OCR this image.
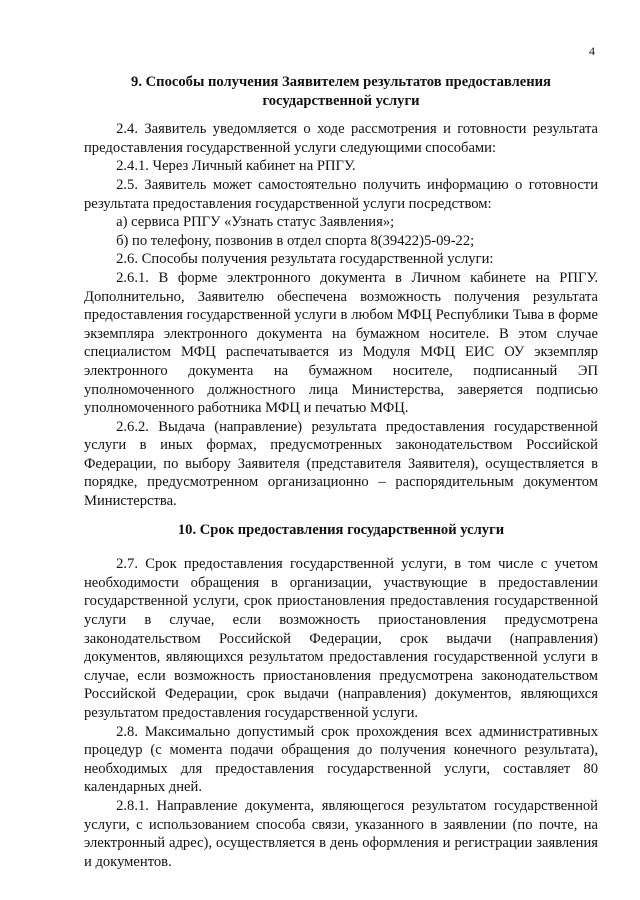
4
9. Способы получения Заявителем результатов предоставления
государственной услуги

2.4. Заявитель уведомляется о ходе рассмотрения и готовности результата предоставления государственной услуги следующими способами:

2.4.1. Через Личный кабинет на РПГУ.

2.5. Заявитель может самостоятельно получить информацию о готовности результата предоставления государственной услуги посредством:

а) сервиса РПГУ «Узнать статус Заявления»;

б) по телефону, позвонив в отдел спорта 8(39422)5-09-22;

2.6. Способы получения результата государственной услуги:

2.6.1. В форме электронного документа в Личном кабинете на РПГУ. Дополнительно, Заявителю обеспечена возможность получения результата предоставления государственной услуги в любом МФЦ Республики Тыва в форме экземпляра электронного документа на бумажном носителе. В этом случае специалистом МФЦ распечатывается из Модуля МФЦ ЕИС ОУ экземпляр электронного документа на бумажном носителе, подписанный ЭП уполномоченного должностного лица Министерства, заверяется подписью уполномоченного работника МФЦ и печатью МФЦ.

2.6.2. Выдача (направление) результата предоставления государственной услуги в иных формах, предусмотренных законодательством Российской Федерации, по выбору Заявителя (представителя Заявителя), осуществляется в порядке, предусмотренном организационно – распорядительным документом Министерства.

10. Срок предоставления государственной услуги

2.7. Срок предоставления государственной услуги, в том числе с учетом необходимости обращения в организации, участвующие в предоставлении государственной услуги, срок приостановления предоставления государственной услуги в случае, если возможность приостановления предусмотрена законодательством Российской Федерации, срок выдачи (направления) документов, являющихся результатом предоставления государственной услуги в случае, если возможность приостановления предусмотрена законодательством Российской Федерации, срок выдачи (направления) документов, являющихся результатом предоставления государственной услуги.

2.8. Максимально допустимый срок прохождения всех административных процедур (с момента подачи обращения до получения конечного результата), необходимых для предоставления государственной услуги, составляет 80 календарных дней.

2.8.1. Направление документа, являющегося результатом государственной услуги, с использованием способа связи, указанного в заявлении (по почте, на электронный адрес), осуществляется в день оформления и регистрации заявления и документов.
